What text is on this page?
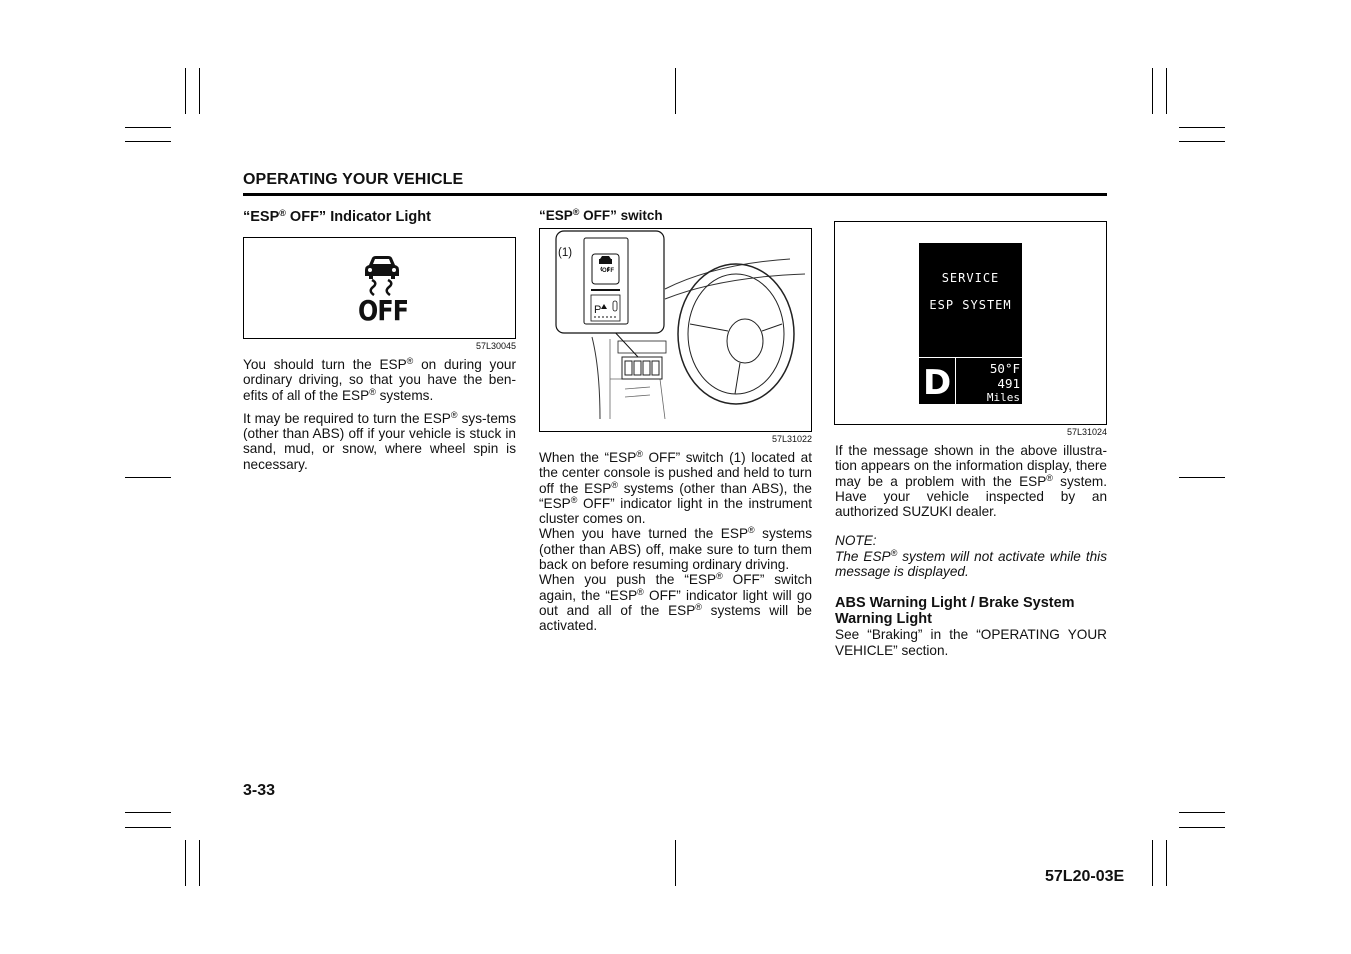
OPERATING YOUR VEHICLE
“ESP® OFF” Indicator Light
OFF
57L30045

You should turn the ESP® on during your ordinary driving, so that you have the ben-efits of all of the ESP® systems.

It may be required to turn the ESP® sys-tems (other than ABS) off if your vehicle is stuck in sand, mud, or snow, where wheel spin is necessary.

“ESP® OFF” switch
P
(1)
OFF
57L31022

When the “ESP® OFF” switch (1) located at the center console is pushed and held to turn off the ESP® systems (other than ABS), the “ESP® OFF” indicator light in the instrument cluster comes on.

When you have turned the ESP® systems (other than ABS) off, make sure to turn them back on before resuming ordinary driving.

When you push the “ESP® OFF” switch again, the “ESP® OFF” indicator light will go out and all of the ESP® systems will be activated.

SERVICE
ESP SYSTEM
D	50°F
491
Miles
57L31024

If the message shown in the above illustra-tion appears on the information display, there may be a problem with the ESP® system. Have your vehicle inspected by an authorized SUZUKI dealer.

NOTE:

The ESP® system will not activate while this message is displayed.

ABS Warning Light / Brake System Warning Light

See “Braking” in the “OPERATING YOUR VEHICLE” section.

3-33
57L20-03E
